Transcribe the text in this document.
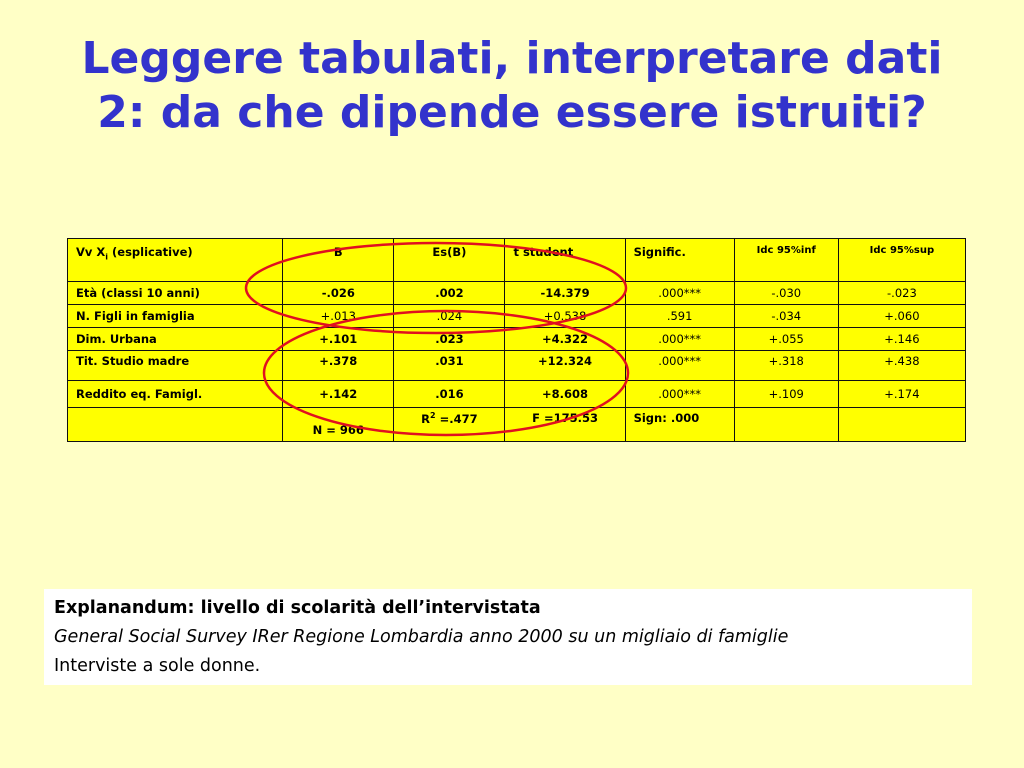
Leggere tabulati, interpretare dati
2: da che dipende essere istruiti?
Vv $X_i$ (esplicative)	B	Es(B)	t student	Signific.	Idc 95%inf	Idc 95%sup
Età (classi 10 anni)	-.026	.002	-14.379	.000***	-.030	-.023
N. Figli in famiglia	+.013	.024	+0.538	.591	-.034	+.060
Dim. Urbana	+.101	.023	+4.322	.000***	+.055	+.146
Tit. Studio madre	+.378	.031	+12.324	.000***	+.318	+.438
Reddito eq. Famigl.	+.142	.016	+8.608	.000***	+.109	+.174
	N = 966	$R^2 =.477$	F =175.53	Sign: .000		
Explanandum: livello di scolarità dell’intervistata
General Social Survey IRer Regione Lombardia anno 2000 su un migliaio di famiglie
Interviste a sole donne.
